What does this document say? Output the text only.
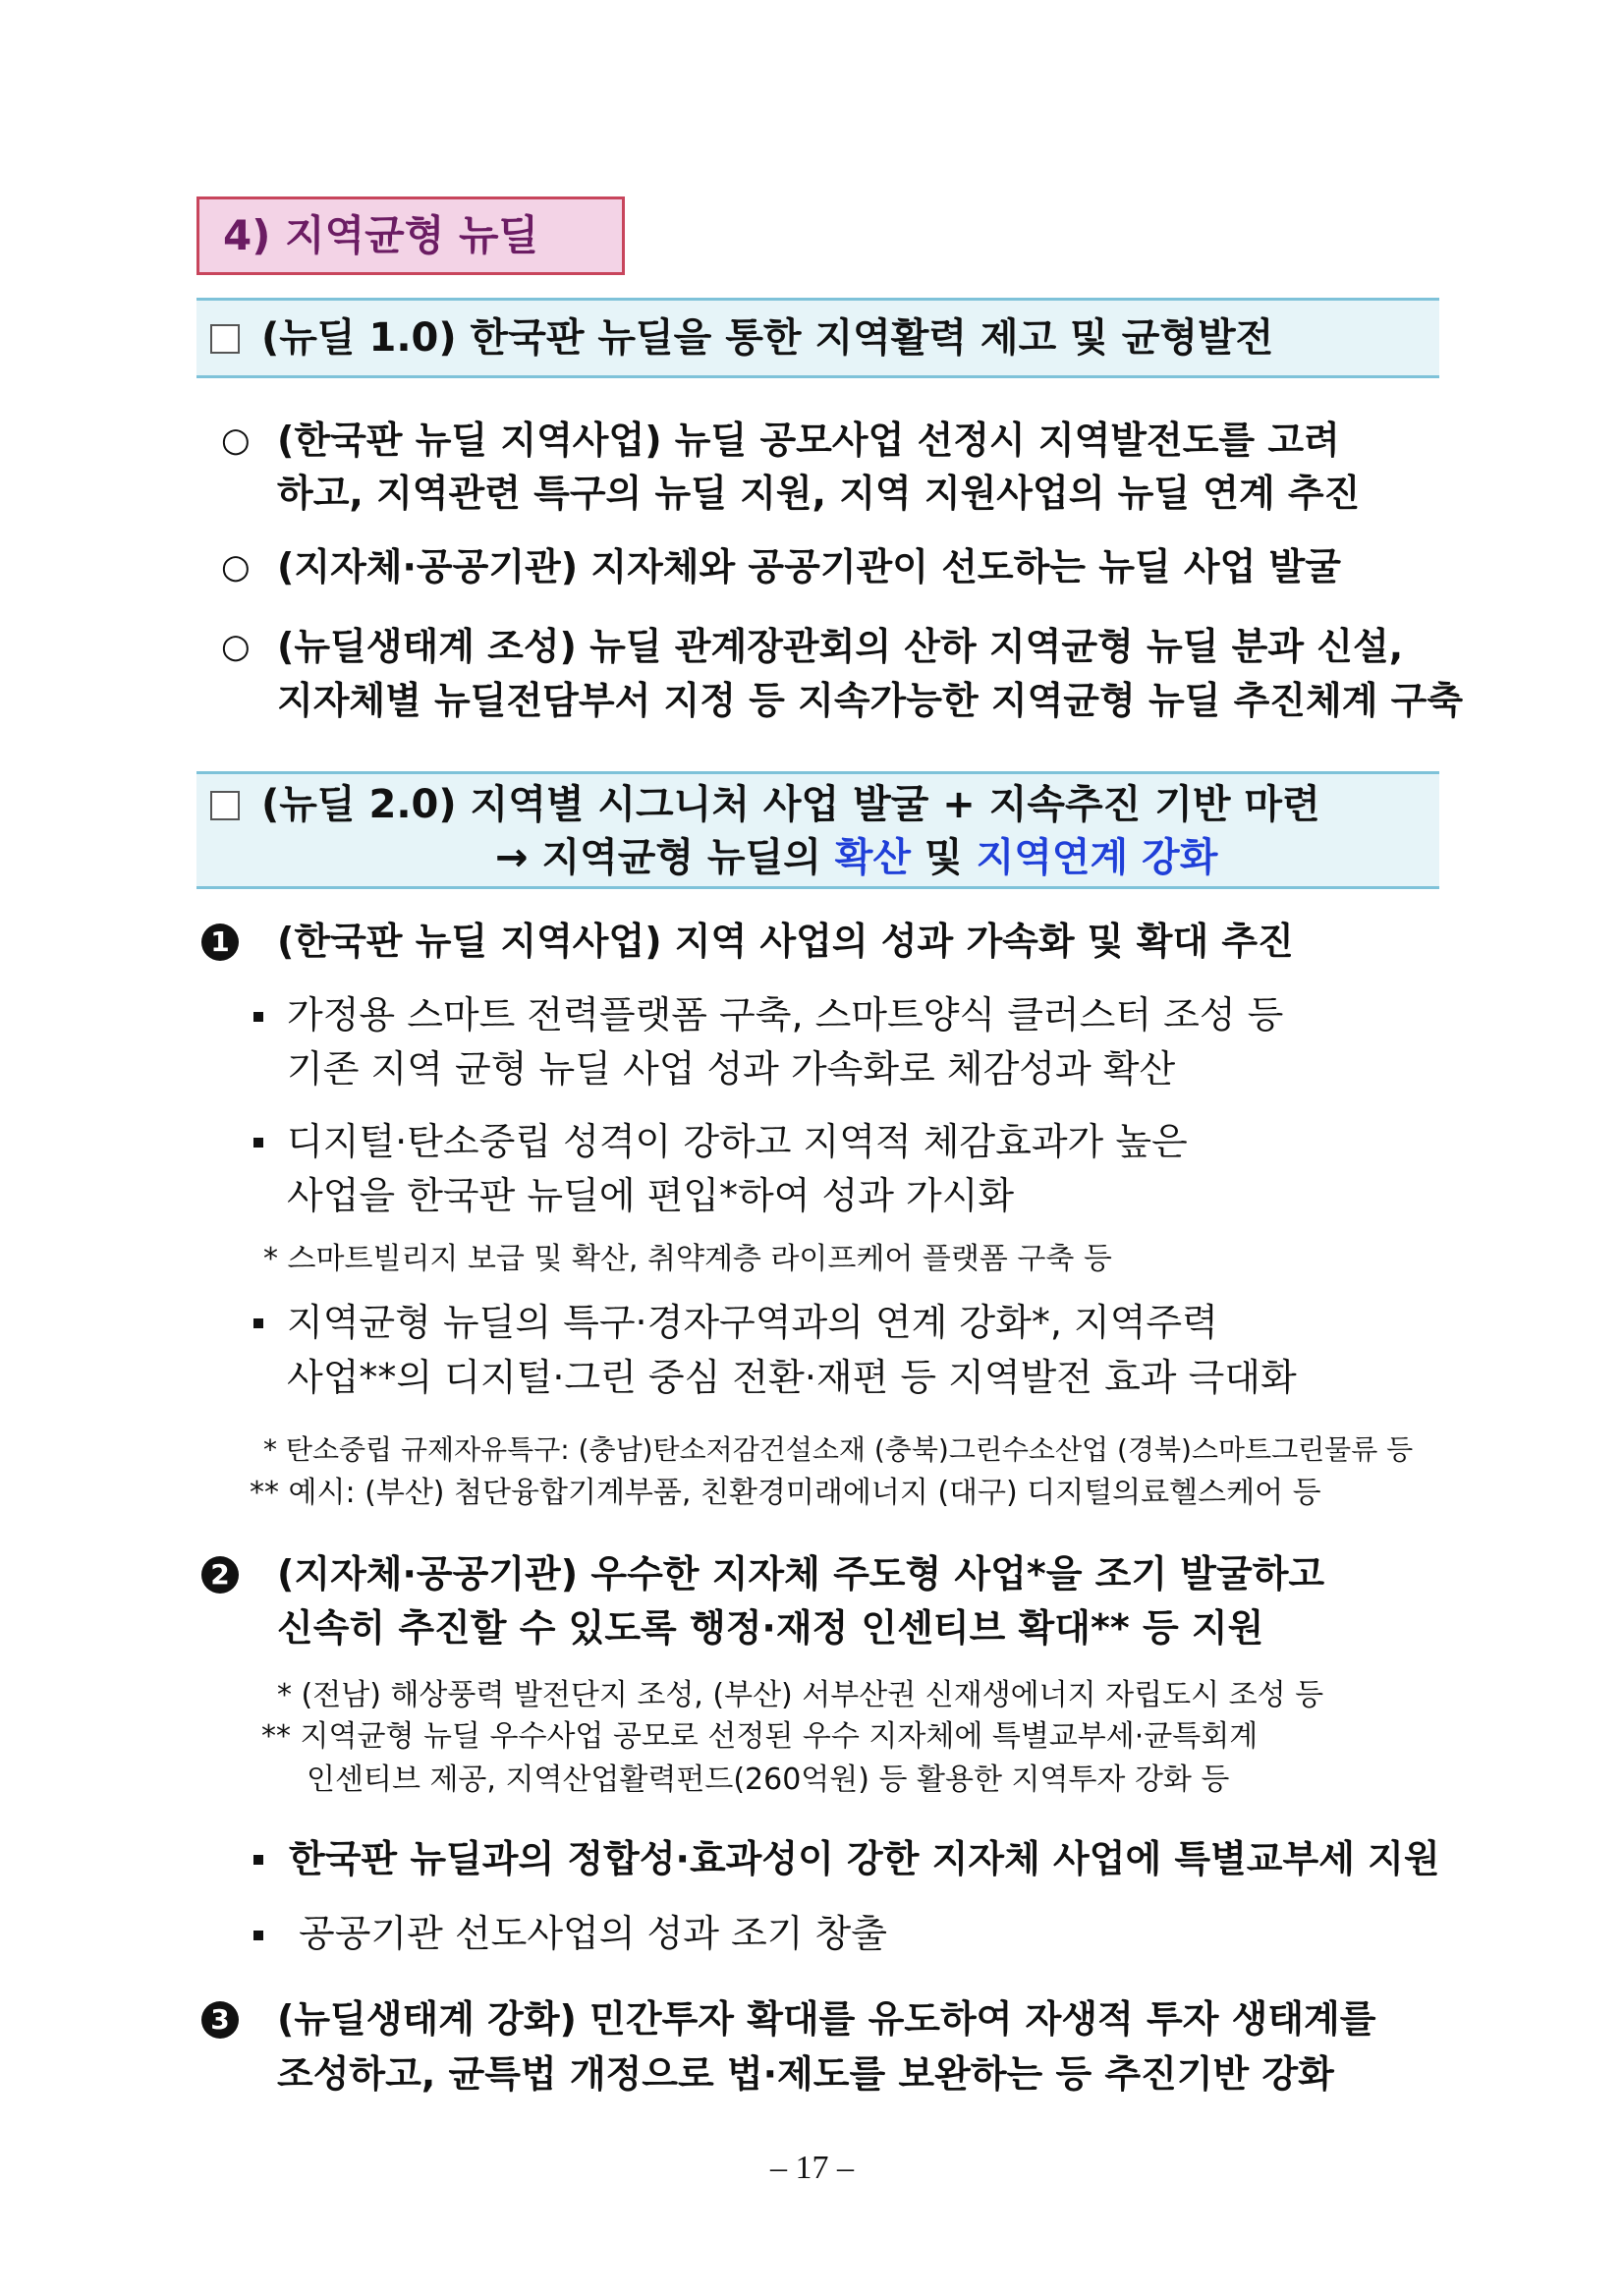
4) 지역균형 뉴딜
(뉴딜 1.0) 한국판 뉴딜을 통한 지역활력 제고 및 균형발전
○ (한국판 뉴딜 지역사업) 뉴딜 공모사업 선정시 지역발전도를 고려
하고, 지역관련 특구의 뉴딜 지원, 지역 지원사업의 뉴딜 연계 추진
○ (지자체·공공기관) 지자체와 공공기관이 선도하는 뉴딜 사업 발굴
○ (뉴딜생태계 조성) 뉴딜 관계장관회의 산하 지역균형 뉴딜 분과 신설,
지자체별 뉴딜전담부서 지정 등 지속가능한 지역균형 뉴딜 추진체계 구축
(뉴딜 2.0) 지역별 시그니처 사업 발굴 + 지속추진 기반 마련
→ 지역균형 뉴딜의 확산 및 지역연계 강화
1 (한국판 뉴딜 지역사업) 지역 사업의 성과 가속화 및 확대 추진
가정용 스마트 전력플랫폼 구축, 스마트양식 클러스터 조성 등
기존 지역 균형 뉴딜 사업 성과 가속화로 체감성과 확산
디지털·탄소중립 성격이 강하고 지역적 체감효과가 높은
사업을 한국판 뉴딜에 편입*하여 성과 가시화
* 스마트빌리지 보급 및 확산, 취약계층 라이프케어 플랫폼 구축 등
지역균형 뉴딜의 특구·경자구역과의 연계 강화*, 지역주력
사업**의 디지털·그린 중심 전환·재편 등 지역발전 효과 극대화
* 탄소중립 규제자유특구: (충남)탄소저감건설소재 (충북)그린수소산업 (경북)스마트그린물류 등
** 예시: (부산) 첨단융합기계부품, 친환경미래에너지 (대구) 디지털의료헬스케어 등
2 (지자체·공공기관) 우수한 지자체 주도형 사업*을 조기 발굴하고
신속히 추진할 수 있도록 행정·재정 인센티브 확대** 등 지원
* (전남) 해상풍력 발전단지 조성, (부산) 서부산권 신재생에너지 자립도시 조성 등
** 지역균형 뉴딜 우수사업 공모로 선정된 우수 지자체에 특별교부세·균특회계
인센티브 제공, 지역산업활력펀드(260억원) 등 활용한 지역투자 강화 등
한국판 뉴딜과의 정합성·효과성이 강한 지자체 사업에 특별교부세 지원
공공기관 선도사업의 성과 조기 창출
3 (뉴딜생태계 강화) 민간투자 확대를 유도하여 자생적 투자 생태계를
조성하고, 균특법 개정으로 법·제도를 보완하는 등 추진기반 강화
– 17 –
